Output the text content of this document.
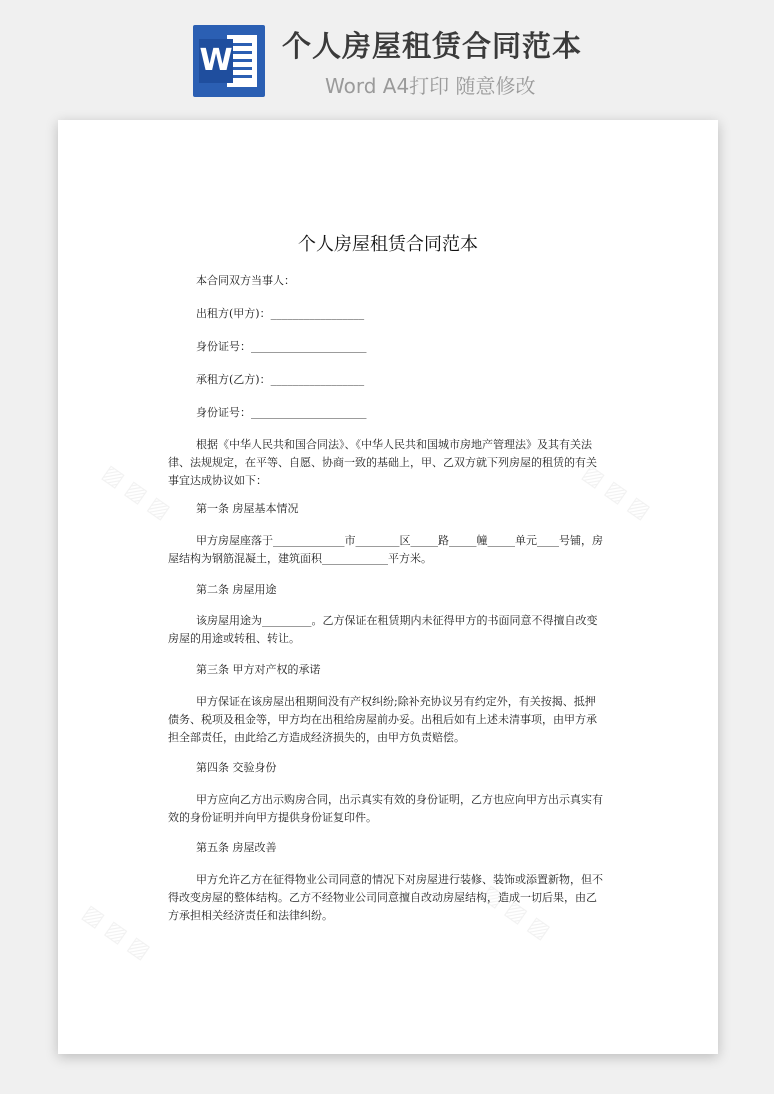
W 个人房屋租赁合同范本
Word A4打印 随意修改
个人房屋租赁合同范本
本合同双方当事人：
出租方(甲方)：_________________
身份证号：_____________________
承租方(乙方)：_________________
身份证号：_____________________

根据《中华人民共和国合同法》、《中华人民共和国城市房地产管理法》及其有关法律、法规规定，在平等、自愿、协商一致的基础上，甲、乙双方就下列房屋的租赁的有关事宜达成协议如下：

第一条 房屋基本情况

甲方房屋座落于_____________市________区_____路_____幢_____单元____号铺，房屋结构为钢筋混凝土，建筑面积____________平方米。

第二条 房屋用途

该房屋用途为_________。乙方保证在租赁期内未征得甲方的书面同意不得擅自改变房屋的用途或转租、转让。

第三条 甲方对产权的承诺

甲方保证在该房屋出租期间没有产权纠纷;除补充协议另有约定外，有关按揭、抵押债务、税项及租金等，甲方均在出租给房屋前办妥。出租后如有上述未清事项，由甲方承担全部责任，由此给乙方造成经济损失的，由甲方负责赔偿。

第四条 交验身份

甲方应向乙方出示购房合同，出示真实有效的身份证明，乙方也应向甲方出示真实有效的身份证明并向甲方提供身份证复印件。

第五条 房屋改善

甲方允许乙方在征得物业公司同意的情况下对房屋进行装修、装饰或添置新物，但不得改变房屋的整体结构。乙方不经物业公司同意擅自改动房屋结构，造成一切后果，由乙方承担相关经济责任和法律纠纷。

▨ ▨ ▨	▨ ▨ ▨
▨ ▨ ▨	▨ ▨ ▨
